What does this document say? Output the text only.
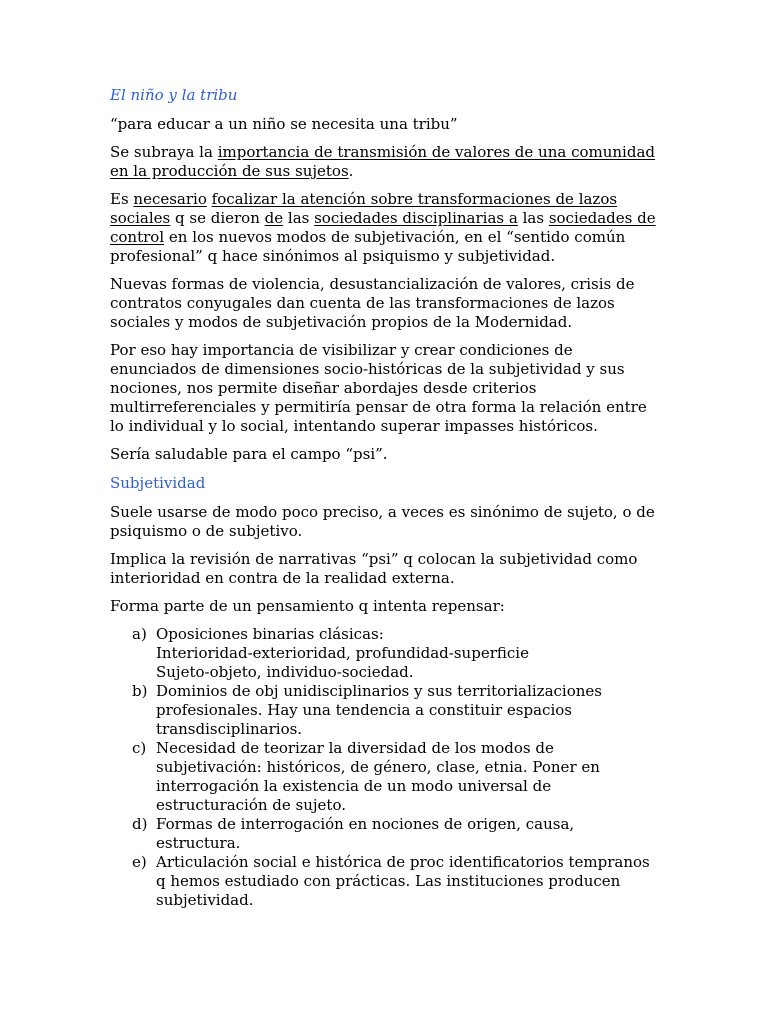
El niño y la tribu

“para educar a un niño se necesita una tribu”

Se subraya la importancia de transmisión de valores de una comunidad en la producción de sus sujetos.

Es necesario focalizar la atención sobre transformaciones de lazos sociales q se dieron de las sociedades disciplinarias a las sociedades de control en los nuevos modos de subjetivación, en el “sentido común profesional” q hace sinónimos al psiquismo y subjetividad.

Nuevas formas de violencia, desustancialización de valores, crisis de contratos conyugales dan cuenta de las transformaciones de lazos sociales y modos de subjetivación propios de la Modernidad.

Por eso hay importancia de visibilizar y crear condiciones de enunciados de dimensiones socio-históricas de la subjetividad y sus nociones, nos permite diseñar abordajes desde criterios multirreferenciales y permitiría pensar de otra forma la relación entre lo individual y lo social, intentando superar impasses históricos.

Sería saludable para el campo “psi”.

Subjetividad

Suele usarse de modo poco preciso, a veces es sinónimo de sujeto, o de psiquismo o de subjetivo.

Implica la revisión de narrativas “psi” q colocan la subjetividad como interioridad en contra de la realidad externa.

Forma parte de un pensamiento q intenta repensar:

a) Oposiciones binarias clásicas:
Interioridad-exterioridad, profundidad-superficie
Sujeto-objeto, individuo-sociedad.
b) Dominios de obj unidisciplinarios y sus territorializaciones profesionales. Hay una tendencia a constituir espacios transdisciplinarios.
c) Necesidad de teorizar la diversidad de los modos de subjetivación: históricos, de género, clase, etnia. Poner en interrogación la existencia de un modo universal de estructuración de sujeto.
d) Formas de interrogación en nociones de origen, causa, estructura.
e) Articulación social e histórica de proc identificatorios tempranos q hemos estudiado con prácticas. Las instituciones producen subjetividad.
